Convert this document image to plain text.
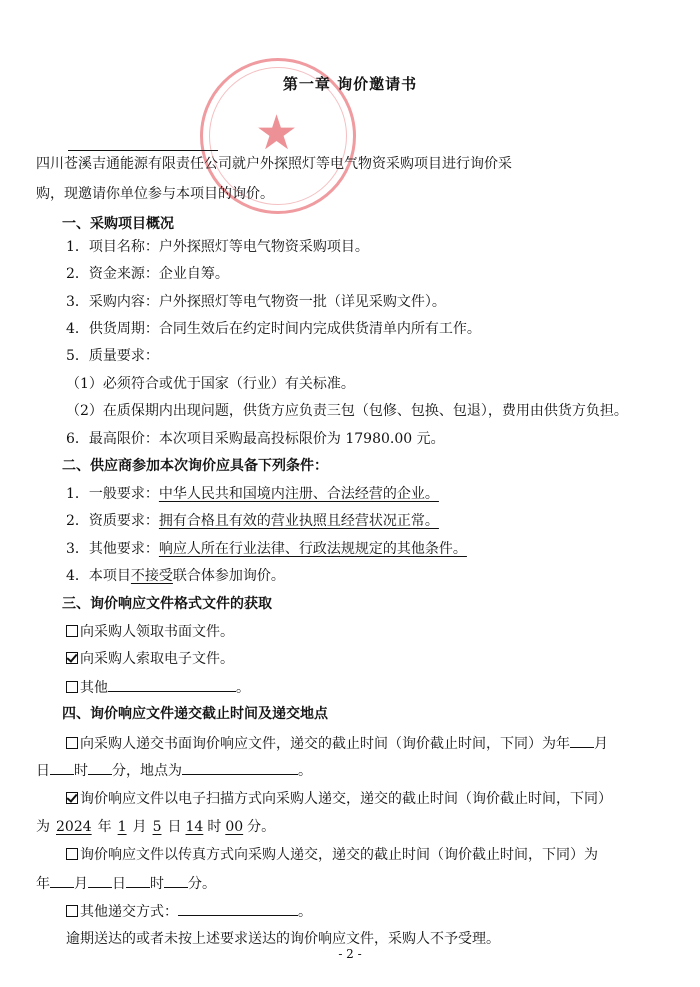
★
第一章 询价邀请书
四川苍溪吉通能源有限责任公司就户外探照灯等电气物资采购项目进行询价采
购，现邀请你单位参与本项目的询价。
一、采购项目概况
1．项目名称：户外探照灯等电气物资采购项目。
2．资金来源：企业自筹。
3．采购内容：户外探照灯等电气物资一批（详见采购文件）。
4．供货周期：合同生效后在约定时间内完成供货清单内所有工作。
5．质量要求：
（1）必须符合或优于国家（行业）有关标准。
（2）在质保期内出现问题，供货方应负责三包（包修、包换、包退），费用由供货方负担。
6．最高限价：本次项目采购最高投标限价为 17980.00 元。
二、供应商参加本次询价应具备下列条件：
1．一般要求：中华人民共和国境内注册、合法经营的企业。
2．资质要求：拥有合格且有效的营业执照且经营状况正常。
3．其他要求：响应人所在行业法律、行政法规规定的其他条件。
4．本项目不接受联合体参加询价。
三、询价响应文件格式文件的获取
向采购人领取书面文件。
向采购人索取电子文件。
其他	。
四、询价响应文件递交截止时间及递交地点
向采购人递交书面询价响应文件，递交的截止时间（询价截止时间，下同）为年 月
日 时 分，地点为	。
询价响应文件以电子扫描方式向采购人递交，递交的截止时间（询价截止时间，下同）
为 2024 年 1 月 5 日 14 时 00 分。
询价响应文件以传真方式向采购人递交，递交的截止时间（询价截止时间，下同）为
年 月 日 时 分。
其他递交方式：	。
逾期送达的或者未按上述要求送达的询价响应文件，采购人不予受理。
- 2 -
